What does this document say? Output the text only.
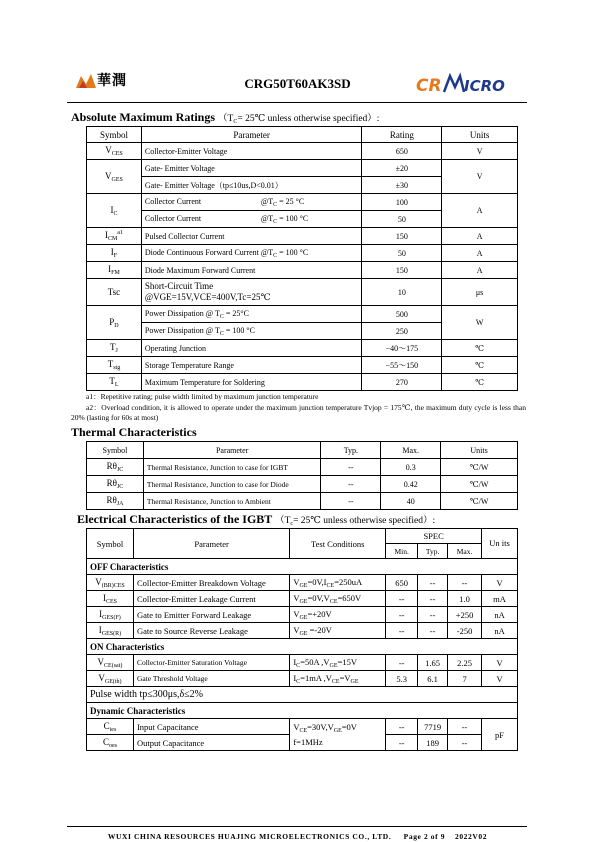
華潤	CRG50T60AK3SD	CR ICRO
Absolute Maximum Ratings （$T_C=$ 25℃ unless otherwise specified）:
Symbol	Parameter	Rating	Units
$V_{CES}$	Collector-Emitter Voltage	650	V
$V_{GES}$	Gate- Emitter Voltage	±20	V
	Gate- Emitter Voltage（tp≤10us,D<0.01）	±30	
$I_C$	Collector Current $@T_C = 25$ °C	100	A
	Collector Current $@T_C = 100$ °C	50	
$I_{CM}^{a1}$	Pulsed Collector Current	150	A
$I_F$	Diode Continuous Forward Current $@T_C = 100$ °C	50	A
$I_{FM}$	Diode Maximum Forward Current	150	A
Tsc	Short-Circuit Time
@VGE=15V,VCE=400V,Tc=25℃	10	μs
$P_D$	Power Dissipation @ $T_C = 25^\circ C$	500	W
	Power Dissipation @ $T_C = 100$ °C	250	
$T_J$	Operating Junction	−40～175	℃
$T_{stg}$	Storage Temperature Range	−55～150	℃
$T_L$	Maximum Temperature for Soldering	270	℃
a1：Repetitive rating; pulse width limited by maximum junction temperature
a2：Overload condition, it is allowed to operate under the maximum junction temperature Tvjop = 175℃, the maximum duty cycle is less than 20% (lasting for 60s at most)
Thermal Characteristics
Symbol	Parameter	Typ.	Max.	Units
$R\theta_{JC}$	Thermal Resistance, Junction to case for IGBT	--	0.3	℃/W
$R\theta_{JC}$	Thermal Resistance, Junction to case for Diode	--	0.42	℃/W
$R\theta_{JA}$	Thermal Resistance, Junction to Ambient	--	40	℃/W
Electrical Characteristics of the IGBT （$T_c=$ 25℃ unless otherwise specified）:
Symbol	Parameter	Test Conditions	SPEC			Un its
			Min.	Typ.	Max.	
OFF Characteristics						
$V_{(BR)CES}$	Collector-Emitter Breakdown Voltage	$V_{GE}=0V,I_{CE}=250uA$	650	--	--	V
$I_{CES}$	Collector-Emitter Leakage Current	$V_{GE}=0V,V_{CE}=650V$	--	--	1.0	mA
$I_{GES(F)}$	Gate to Emitter Forward Leakage	$V_{GE}=+20V$	--	--	+250	nA
$I_{GES(R)}$	Gate to Source Reverse Leakage	$V_{GE} =-20V$	--	--	-250	nA
ON Characteristics						
$V_{CE(sat)}$	Collector-Emitter Saturation Voltage	$I_C=50A$ $,V_{GE}=15V$	--	1.65	2.25	V
$V_{GE(th)}$	Gate Threshold Voltage	$I_C=1mA$ $,V_{CE}=V_{GE}$	5.3	6.1	7	V
Pulse width tp≤300μs,δ≤2%						
Dynamic Characteristics						
$C_{ies}$	Input Capacitance	$V_{CE}=30V,V_{GE}=0V$
f=1MHz	--	7719	--	pF
$C_{oes}$	Output Capacitance		--	189	--	
WUXI CHINA RESOURCES HUAJING MICROELECTRONICS CO., LTD. Page 2 of 9 2022V02
